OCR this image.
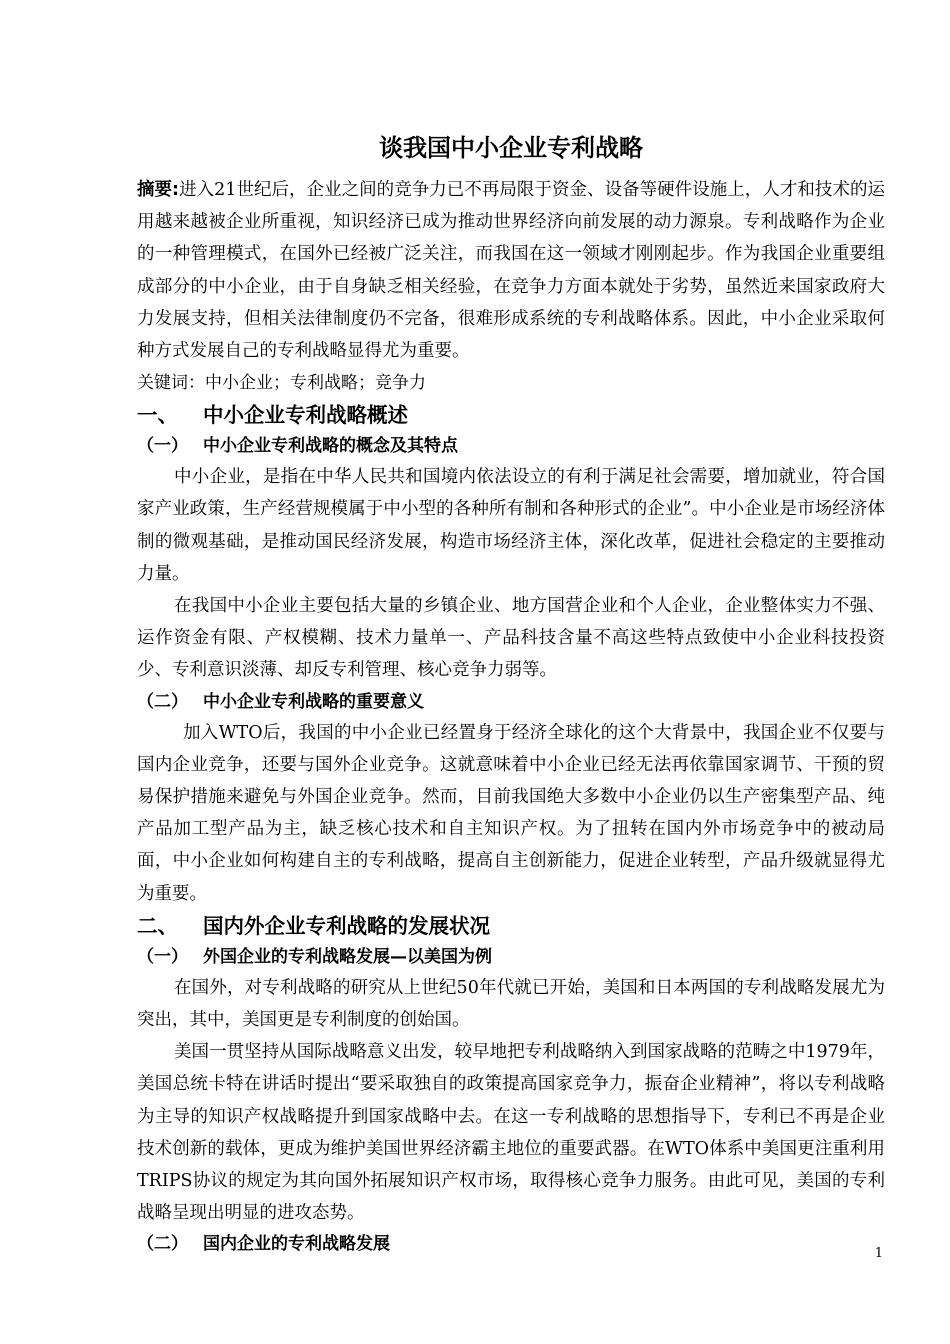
谈我国中小企业专利战略

摘要:进入21世纪后，企业之间的竞争力已不再局限于资金、设备等硬件设施上，人才和技术的运用越来越被企业所重视，知识经济已成为推动世界经济向前发展的动力源泉。专利战略作为企业的一种管理模式，在国外已经被广泛关注，而我国在这一领域才刚刚起步。作为我国企业重要组成部分的中小企业，由于自身缺乏相关经验，在竞争力方面本就处于劣势，虽然近来国家政府大力发展支持，但相关法律制度仍不完备，很难形成系统的专利战略体系。因此，中小企业采取何种方式发展自己的专利战略显得尤为重要。

关键词：中小企业；专利战略；竞争力

一、 中小企业专利战略概述
（一） 中小企业专利战略的概念及其特点

中小企业，是指在中华人民共和国境内依法设立的有利于满足社会需要，增加就业，符合国家产业政策，生产经营规模属于中小型的各种所有制和各种形式的企业”。中小企业是市场经济体制的微观基础，是推动国民经济发展，构造市场经济主体，深化改革，促进社会稳定的主要推动力量。

在我国中小企业主要包括大量的乡镇企业、地方国营企业和个人企业，企业整体实力不强、运作资金有限、产权模糊、技术力量单一、产品科技含量不高这些特点致使中小企业科技投资少、专利意识淡薄、却反专利管理、核心竞争力弱等。

（二） 中小企业专利战略的重要意义

加入WTO后，我国的中小企业已经置身于经济全球化的这个大背景中，我国企业不仅要与国内企业竞争，还要与国外企业竞争。这就意味着中小企业已经无法再依靠国家调节、干预的贸易保护措施来避免与外国企业竞争。然而，目前我国绝大多数中小企业仍以生产密集型产品、纯产品加工型产品为主，缺乏核心技术和自主知识产权。为了扭转在国内外市场竞争中的被动局面，中小企业如何构建自主的专利战略，提高自主创新能力，促进企业转型，产品升级就显得尤为重要。

二、 国内外企业专利战略的发展状况
（一） 外国企业的专利战略发展—以美国为例

在国外，对专利战略的研究从上世纪50年代就已开始，美国和日本两国的专利战略发展尤为突出，其中，美国更是专利制度的创始国。

美国一贯坚持从国际战略意义出发，较早地把专利战略纳入到国家战略的范畴之中1979年，美国总统卡特在讲话时提出“要采取独自的政策提高国家竞争力，振奋企业精神”，将以专利战略为主导的知识产权战略提升到国家战略中去。在这一专利战略的思想指导下，专利已不再是企业技术创新的载体，更成为维护美国世界经济霸主地位的重要武器。在WTO体系中美国更注重利用TRIPS协议的规定为其向国外拓展知识产权市场，取得核心竞争力服务。由此可见，美国的专利战略呈现出明显的进攻态势。

（二） 国内企业的专利战略发展	1
